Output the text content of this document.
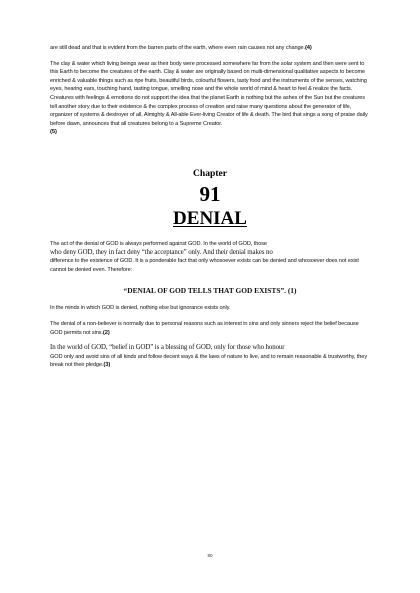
are still dead and that is evident from the barren parts of the earth, where even rain causes not any change.(4)

The clay & water which living beings wear as their body were processed somewhere far from the solar system and then were sent to this Earth to become the creatures of the earth. Clay & water are originally based on multi-dimensional qualitative aspects to become enriched & valuable things such as ripe fruits, beautiful birds, colourful flowers, tasty food and the instruments of the senses, watching eyes, hearing ears, touching hand, tasting tongue, smelling nose and the whole world of mind & heart to feel & realize the facts. Creatures with feelings & emotions do not support the idea that the planet Earth is nothing but the ashes of the Sun but the creatures tell another story due to their existence & the complex process of creation and raise many questions about the generator of life, organizer of systems & destroyer of all, Almighty & All-able Ever-living Creator of life & death. The bird that sings a song of praise daily before dawn, announces that all creatures belong to a Supreme Creator.
(5)

Chapter
91
DENIAL

The act of the denial of GOD is always performed against GOD. In the world of GOD, those
who deny GOD, they in fact deny “the acceptance” only. And their denial makes no
difference to the existence of GOD. It is a ponderable fact that only whosoever exists can be denied and whosoever does not exist cannot be denied even. Therefore:

“DENIAL OF GOD TELLS THAT GOD EXISTS”. (1)

In the minds in which GOD is denied, nothing else but ignorance exists only.

The denial of a non-believer is normally due to personal reasons such as interest in sins and only sinners reject the belief because GOD permits not sins.(2)

In the world of GOD, “belief in GOD” is a blessing of GOD, only for those who honour
GOD only and avoid sins of all kinds and follow decent ways & the laws of nature to live, and to remain reasonable & trustworthy, they break not their pledge.(3)

80
